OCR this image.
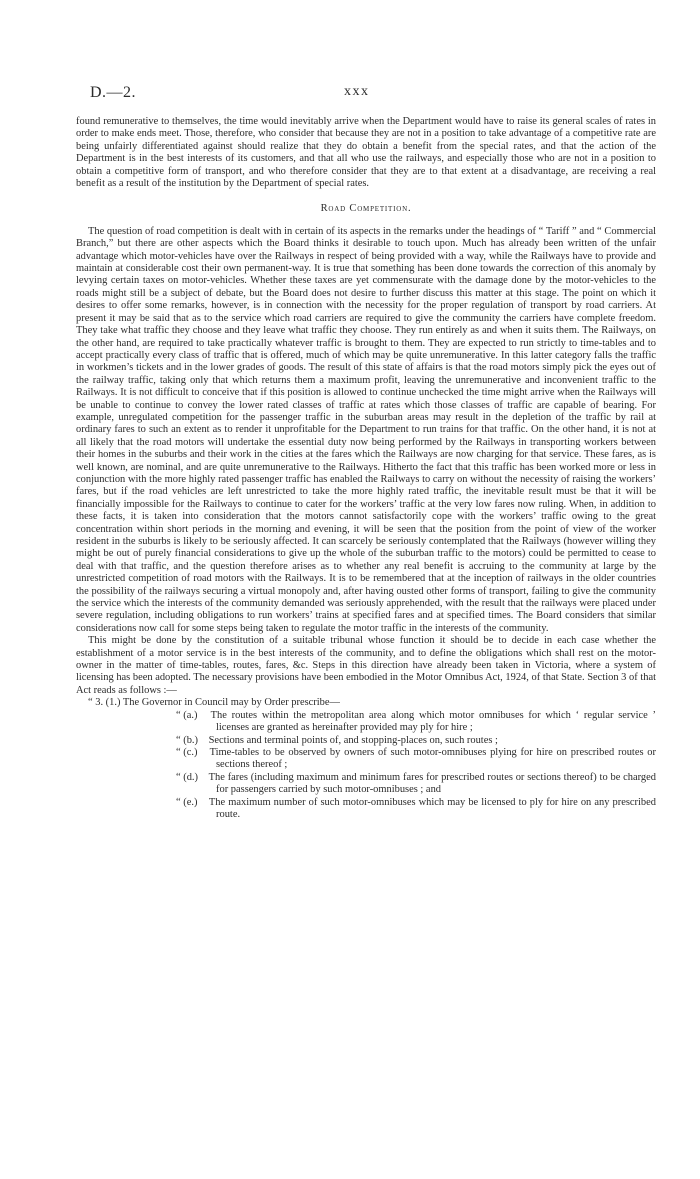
D.—2.	xxx

found remunerative to themselves, the time would inevitably arrive when the Department would have to raise its general scales of rates in order to make ends meet. Those, therefore, who consider that because they are not in a position to take advantage of a competitive rate are being unfairly differentiated against should realize that they do obtain a benefit from the special rates, and that the action of the Department is in the best interests of its customers, and that all who use the railways, and especially those who are not in a position to obtain a competitive form of transport, and who therefore consider that they are to that extent at a disadvantage, are receiving a real benefit as a result of the institution by the Department of special rates.

Road Competition.

The question of road competition is dealt with in certain of its aspects in the remarks under the headings of “ Tariff ” and “ Commercial Branch,” but there are other aspects which the Board thinks it desirable to touch upon. Much has already been written of the unfair advantage which motor-vehicles have over the Railways in respect of being provided with a way, while the Railways have to provide and maintain at considerable cost their own permanent-way. It is true that something has been done towards the correction of this anomaly by levying certain taxes on motor-vehicles. Whether these taxes are yet commensurate with the damage done by the motor-vehicles to the roads might still be a subject of debate, but the Board does not desire to further discuss this matter at this stage. The point on which it desires to offer some remarks, however, is in connection with the necessity for the proper regulation of transport by road carriers. At present it may be said that as to the service which road carriers are required to give the community the carriers have complete freedom. They take what traffic they choose and they leave what traffic they choose. They run entirely as and when it suits them. The Railways, on the other hand, are required to take practically whatever traffic is brought to them. They are expected to run strictly to time-tables and to accept practically every class of traffic that is offered, much of which may be quite unremunerative. In this latter category falls the traffic in workmen’s tickets and in the lower grades of goods. The result of this state of affairs is that the road motors simply pick the eyes out of the railway traffic, taking only that which returns them a maximum profit, leaving the unremunerative and inconvenient traffic to the Railways. It is not difficult to conceive that if this position is allowed to continue unchecked the time might arrive when the Railways will be unable to continue to convey the lower rated classes of traffic at rates which those classes of traffic are capable of bearing. For example, unregulated competition for the passenger traffic in the suburban areas may result in the depletion of the traffic by rail at ordinary fares to such an extent as to render it unprofitable for the Department to run trains for that traffic. On the other hand, it is not at all likely that the road motors will undertake the essential duty now being performed by the Railways in transporting workers between their homes in the suburbs and their work in the cities at the fares which the Railways are now charging for that service. These fares, as is well known, are nominal, and are quite unremunerative to the Railways. Hitherto the fact that this traffic has been worked more or less in conjunction with the more highly rated passenger traffic has enabled the Railways to carry on without the necessity of raising the workers’ fares, but if the road vehicles are left unrestricted to take the more highly rated traffic, the inevitable result must be that it will be financially impossible for the Railways to continue to cater for the workers’ traffic at the very low fares now ruling. When, in addition to these facts, it is taken into consideration that the motors cannot satisfactorily cope with the workers’ traffic owing to the great concentration within short periods in the morning and evening, it will be seen that the position from the point of view of the worker resident in the suburbs is likely to be seriously affected. It can scarcely be seriously contemplated that the Railways (however willing they might be out of purely financial considerations to give up the whole of the suburban traffic to the motors) could be permitted to cease to deal with that traffic, and the question therefore arises as to whether any real benefit is accruing to the community at large by the unrestricted competition of road motors with the Railways. It is to be remembered that at the inception of railways in the older countries the possibility of the railways securing a virtual monopoly and, after having ousted other forms of transport, failing to give the community the service which the interests of the community demanded was seriously apprehended, with the result that the railways were placed under severe regulation, including obligations to run workers’ trains at specified fares and at specified times. The Board considers that similar considerations now call for some steps being taken to regulate the motor traffic in the interests of the community.

This might be done by the constitution of a suitable tribunal whose function it should be to decide in each case whether the establishment of a motor service is in the best interests of the community, and to define the obligations which shall rest on the motor-owner in the matter of time-tables, routes, fares, &c. Steps in this direction have already been taken in Victoria, where a system of licensing has been adopted. The necessary provisions have been embodied in the Motor Omnibus Act, 1924, of that State. Section 3 of that Act reads as follows :—

“ 3. (1.) The Governor in Council may by Order prescribe—

“ (a.) The routes within the metropolitan area along which motor omnibuses for which ‘ regular service ’ licenses are granted as hereinafter provided may ply for hire ;
“ (b.) Sections and terminal points of, and stopping-places on, such routes ;
“ (c.) Time-tables to be observed by owners of such motor-omnibuses plying for hire on prescribed routes or sections thereof ;
“ (d.) The fares (including maximum and minimum fares for prescribed routes or sections thereof) to be charged for passengers carried by such motor-omnibuses ; and
“ (e.) The maximum number of such motor-omnibuses which may be licensed to ply for hire on any prescribed route.
